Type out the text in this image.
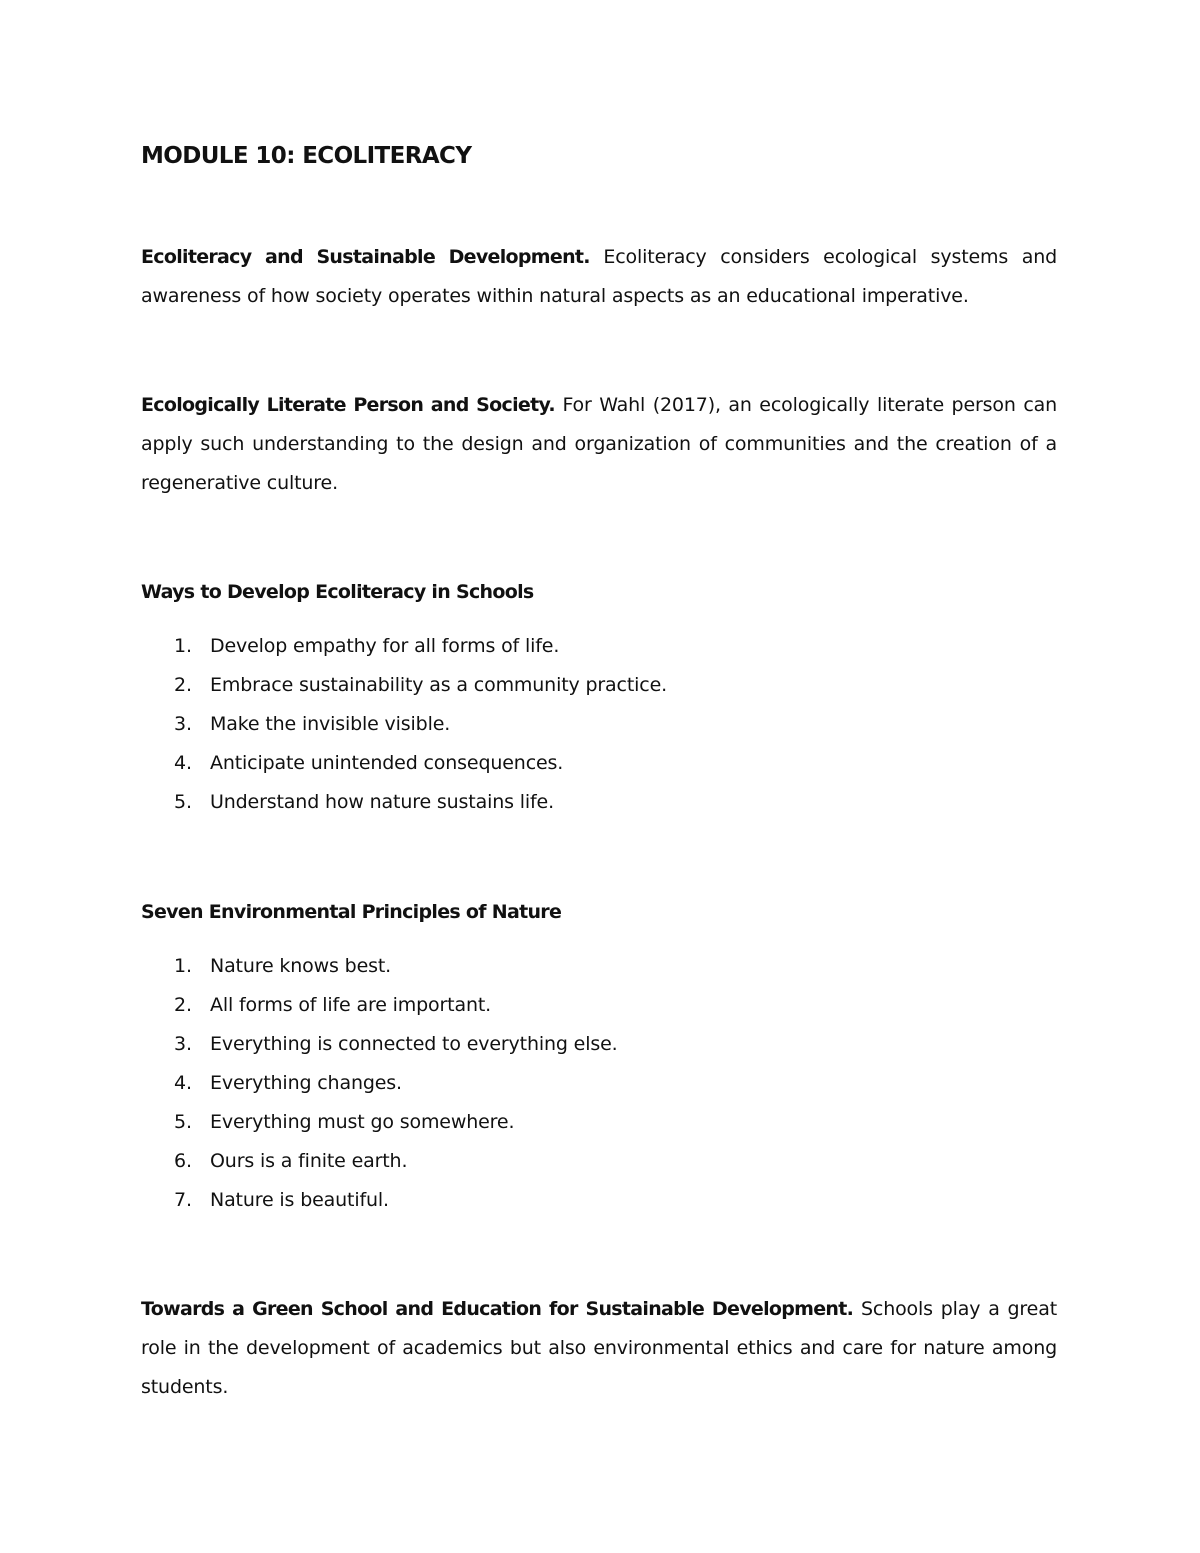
MODULE 10: ECOLITERACY

Ecoliteracy and Sustainable Development. Ecoliteracy considers ecological systems and awareness of how society operates within natural aspects as an educational imperative.

Ecologically Literate Person and Society. For Wahl (2017), an ecologically literate person can apply such understanding to the design and organization of communities and the creation of a regenerative culture.

Ways to Develop Ecoliteracy in Schools
1. Develop empathy for all forms of life.
2. Embrace sustainability as a community practice.
3. Make the invisible visible.
4. Anticipate unintended consequences.
5. Understand how nature sustains life.
Seven Environmental Principles of Nature
1. Nature knows best.
2. All forms of life are important.
3. Everything is connected to everything else.
4. Everything changes.
5. Everything must go somewhere.
6. Ours is a finite earth.
7. Nature is beautiful.

Towards a Green School and Education for Sustainable Development. Schools play a great role in the development of academics but also environmental ethics and care for nature among students.
